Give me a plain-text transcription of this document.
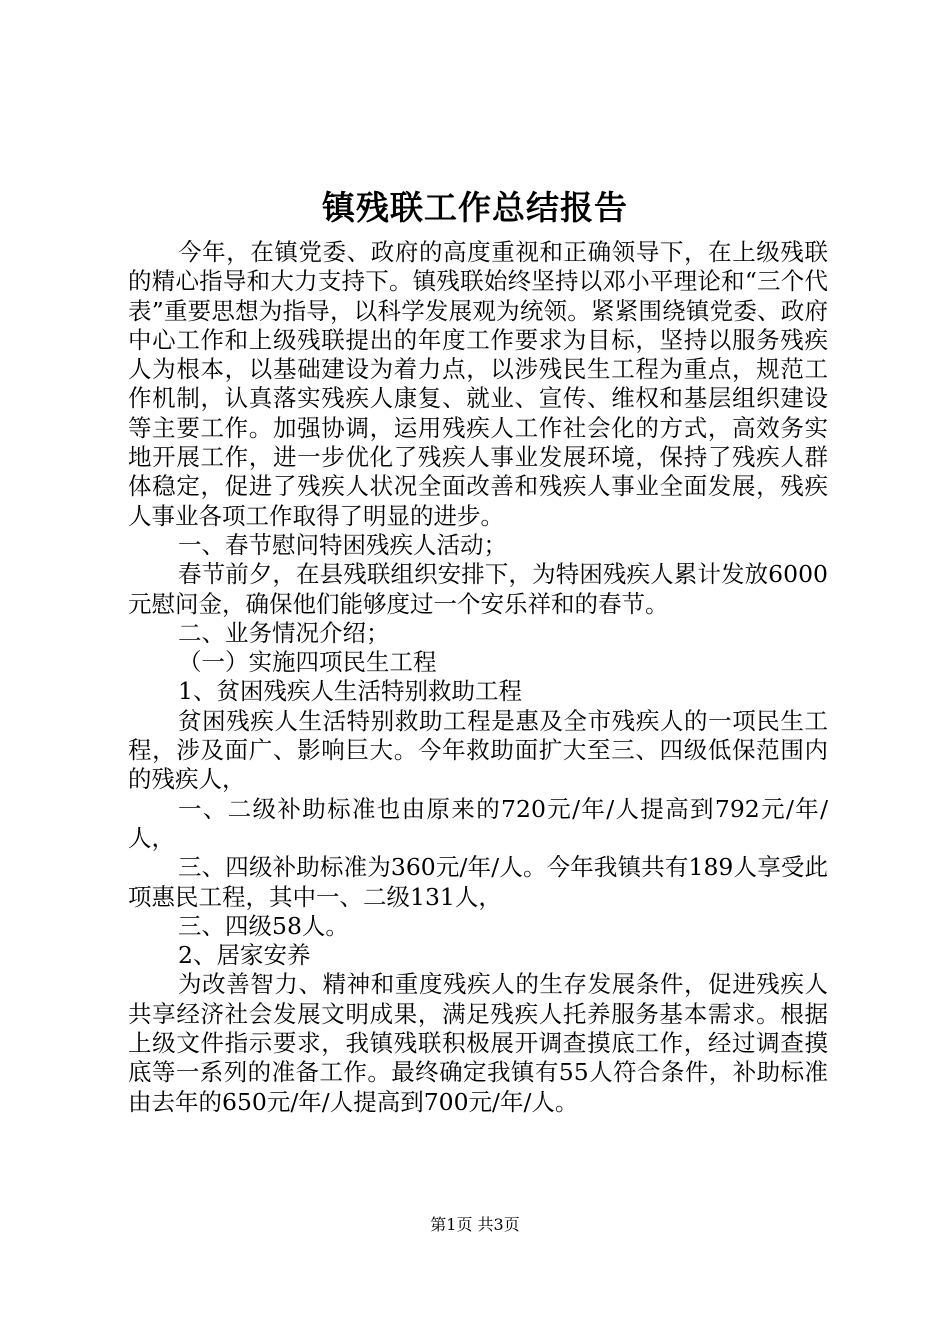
镇残联工作总结报告

今年，在镇党委、政府的高度重视和正确领导下，在上级残联的精心指导和大力支持下。镇残联始终坚持以邓小平理论和“三个代表”重要思想为指导，以科学发展观为统领。紧紧围绕镇党委、政府中心工作和上级残联提出的年度工作要求为目标，坚持以服务残疾人为根本，以基础建设为着力点，以涉残民生工程为重点，规范工作机制，认真落实残疾人康复、就业、宣传、维权和基层组织建设等主要工作。加强协调，运用残疾人工作社会化的方式，高效务实地开展工作，进一步优化了残疾人事业发展环境，保持了残疾人群体稳定，促进了残疾人状况全面改善和残疾人事业全面发展，残疾人事业各项工作取得了明显的进步。

一、春节慰问特困残疾人活动；

春节前夕，在县残联组织安排下，为特困残疾人累计发放6000元慰问金，确保他们能够度过一个安乐祥和的春节。

二、业务情况介绍；

（一）实施四项民生工程

1、贫困残疾人生活特别救助工程

贫困残疾人生活特别救助工程是惠及全市残疾人的一项民生工程，涉及面广、影响巨大。今年救助面扩大至三、四级低保范围内的残疾人，

一、二级补助标准也由原来的720元/年/人提高到792元/年/人，

三、四级补助标准为360元/年/人。今年我镇共有189人享受此项惠民工程，其中一、二级131人，

三、四级58人。

2、居家安养

为改善智力、精神和重度残疾人的生存发展条件，促进残疾人共享经济社会发展文明成果，满足残疾人托养服务基本需求。根据上级文件指示要求，我镇残联积极展开调查摸底工作，经过调查摸底等一系列的准备工作。最终确定我镇有55人符合条件，补助标准由去年的650元/年/人提高到700元/年/人。

第1页 共3页
